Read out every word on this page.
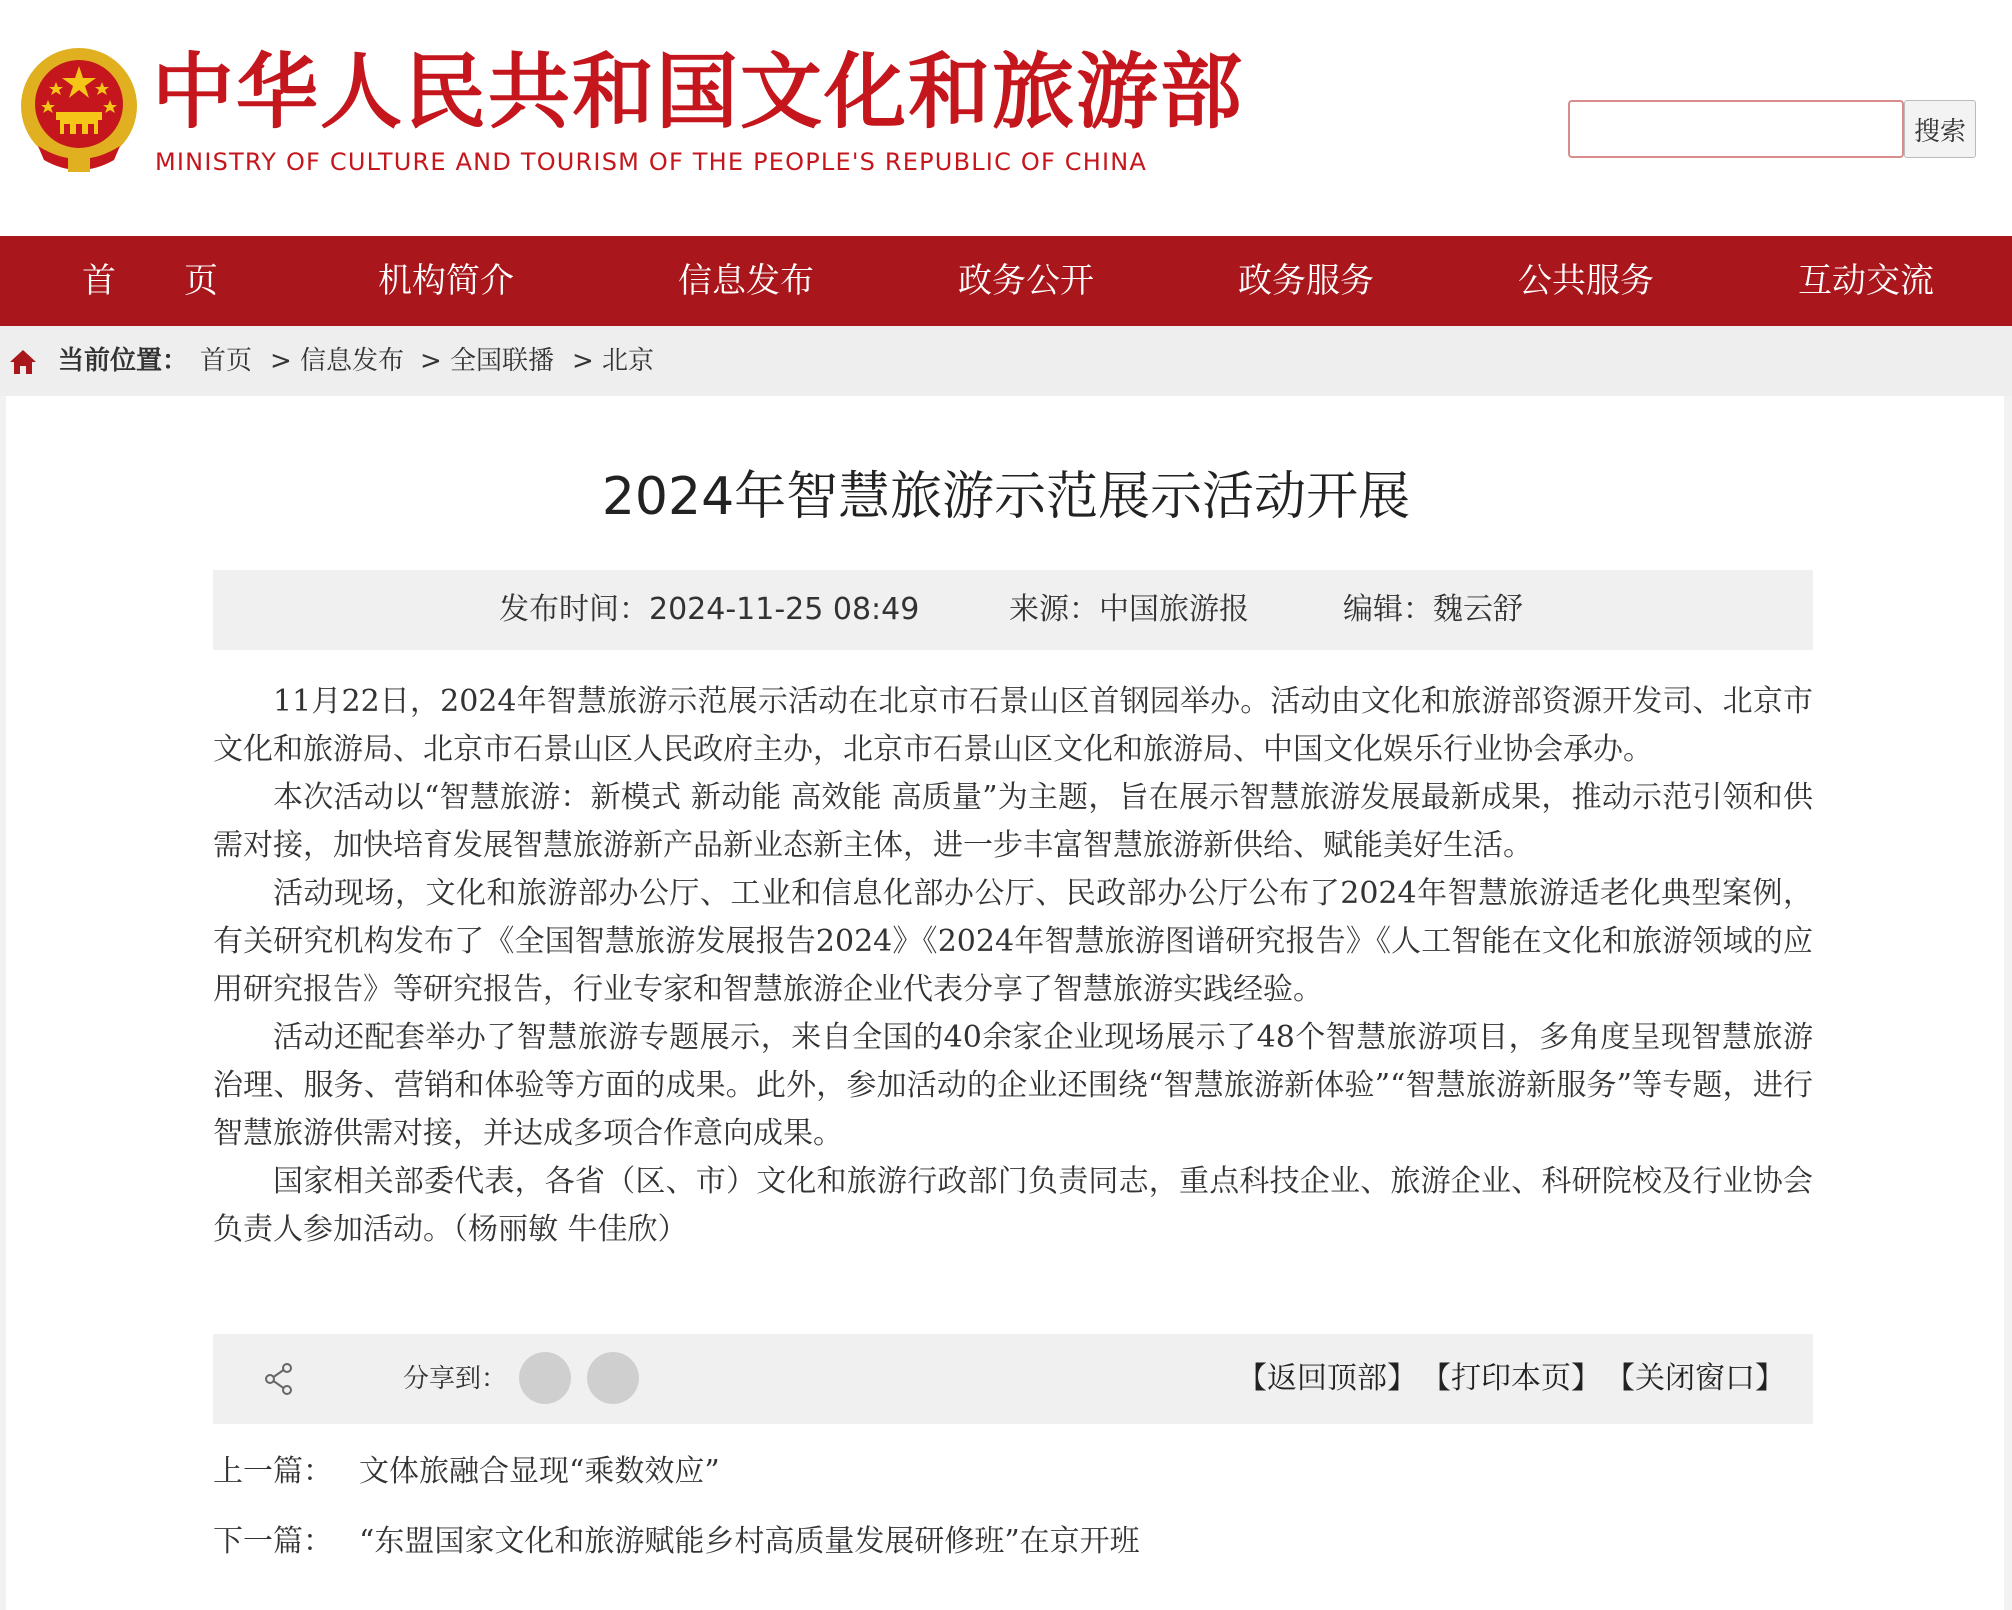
中华人民共和国文化和旅游部
MINISTRY OF CULTURE AND TOURISM OF THE PEOPLE'S REPUBLIC OF CHINA
搜索
首　　页	机构简介	信息发布	政务公开	政务服务	公共服务	互动交流
当前位置： 首页 > 信息发布 > 全国联播 > 北京
2024年智慧旅游示范展示活动开展
发布时间：2024-11-25 08:49	来源：中国旅游报	编辑：魏云舒

11月22日，2024年智慧旅游示范展示活动在北京市石景山区首钢园举办。活动由文化和旅游部资源开发司、北京市文化和旅游局、北京市石景山区人民政府主办，北京市石景山区文化和旅游局、中国文化娱乐行业协会承办。

本次活动以“智慧旅游：新模式 新动能 高效能 高质量”为主题，旨在展示智慧旅游发展最新成果，推动示范引领和供需对接，加快培育发展智慧旅游新产品新业态新主体，进一步丰富智慧旅游新供给、赋能美好生活。

活动现场，文化和旅游部办公厅、工业和信息化部办公厅、民政部办公厅公布了2024年智慧旅游适老化典型案例，有关研究机构发布了《全国智慧旅游发展报告2024》《2024年智慧旅游图谱研究报告》《人工智能在文化和旅游领域的应用研究报告》等研究报告，行业专家和智慧旅游企业代表分享了智慧旅游实践经验。

活动还配套举办了智慧旅游专题展示，来自全国的40余家企业现场展示了48个智慧旅游项目，多角度呈现智慧旅游治理、服务、营销和体验等方面的成果。此外，参加活动的企业还围绕“智慧旅游新体验”“智慧旅游新服务”等专题，进行智慧旅游供需对接，并达成多项合作意向成果。

国家相关部委代表，各省（区、市）文化和旅游行政部门负责同志，重点科技企业、旅游企业、科研院校及行业协会负责人参加活动。（杨丽敏 牛佳欣）

分享到：	【返回顶部】 【打印本页】 【关闭窗口】
上一篇： 文体旅融合显现“乘数效应”
下一篇： “东盟国家文化和旅游赋能乡村高质量发展研修班”在京开班
